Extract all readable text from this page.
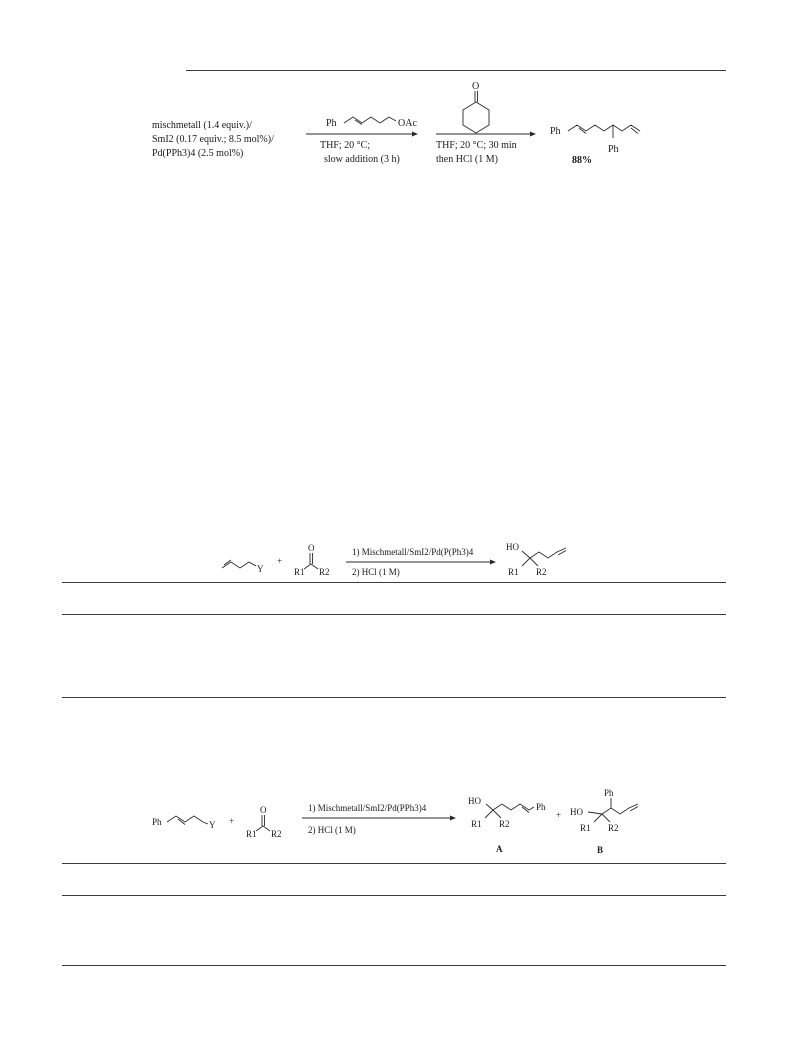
mischmetall (1.4 equiv.)/
SmI2 (0.17 equiv.; 8.5 mol%)/
Pd(PPh3)4 (2.5 mol%)
Ph	OAc
THF; 20 °C;
slow addition (3 h)
O
THF; 20 °C; 30 min
then HCl (1 M)
Ph
Ph
88%
Y
+
O
R1 R2
1) Mischmetall/SmI2/Pd(P(Ph3)4
2) HCl (1 M)
HO
R1 R2
Ph	Y +
O
R1 R2
1) Mischmetall/SmI2/Pd(PPh3)4
2) HCl (1 M)
HO
Ph
R1 R2
A
+
Ph
HO
R1 R2
B
